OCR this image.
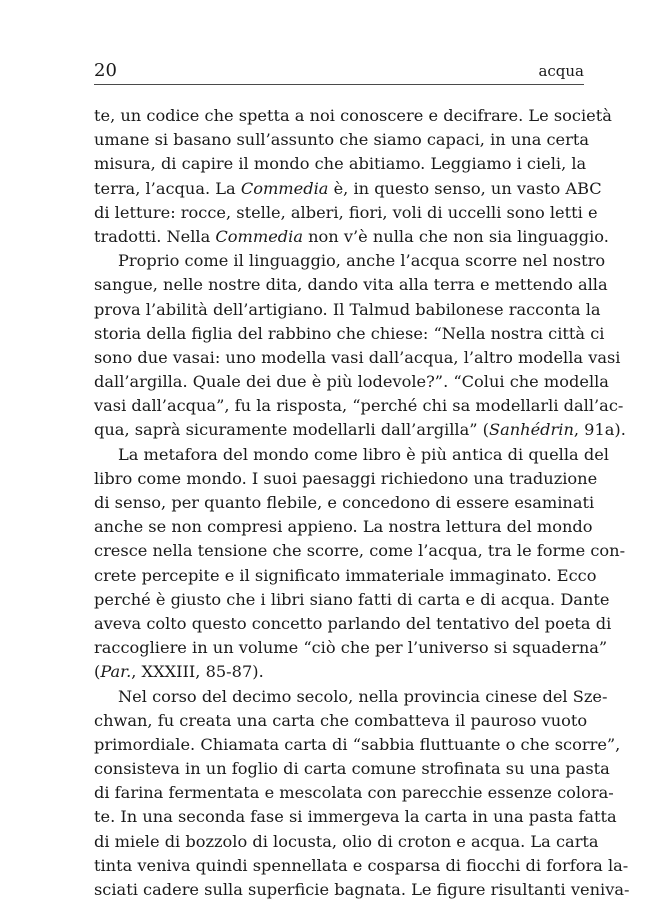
20	acqua
te, un codice che spetta a noi conoscere e decifrare. Le società
umane si basano sull’assunto che siamo capaci, in una certa
misura, di capire il mondo che abitiamo. Leggiamo i cieli, la
terra, l’acqua. La Commedia è, in questo senso, un vasto ABC
di letture: rocce, stelle, alberi, fiori, voli di uccelli sono letti e
tradotti. Nella Commedia non v’è nulla che non sia linguaggio.
Proprio come il linguaggio, anche l’acqua scorre nel nostro
sangue, nelle nostre dita, dando vita alla terra e mettendo alla
prova l’abilità dell’artigiano. Il Talmud babilonese racconta la
storia della figlia del rabbino che chiese: “Nella nostra città ci
sono due vasai: uno modella vasi dall’acqua, l’altro modella vasi
dall’argilla. Quale dei due è più lodevole?”. “Colui che modella
vasi dall’acqua”, fu la risposta, “perché chi sa modellarli dall’ac-
qua, saprà sicuramente modellarli dall’argilla” (Sanhédrin, 91a).
La metafora del mondo come libro è più antica di quella del
libro come mondo. I suoi paesaggi richiedono una traduzione
di senso, per quanto flebile, e concedono di essere esaminati
anche se non compresi appieno. La nostra lettura del mondo
cresce nella tensione che scorre, come l’acqua, tra le forme con-
crete percepite e il significato immateriale immaginato. Ecco
perché è giusto che i libri siano fatti di carta e di acqua. Dante
aveva colto questo concetto parlando del tentativo del poeta di
raccogliere in un volume “ciò che per l’universo si squaderna”
(Par., XXXIII, 85-87).
Nel corso del decimo secolo, nella provincia cinese del Sze-
chwan, fu creata una carta che combatteva il pauroso vuoto
primordiale. Chiamata carta di “sabbia fluttuante o che scorre”,
consisteva in un foglio di carta comune strofinata su una pasta
di farina fermentata e mescolata con parecchie essenze colora-
te. In una seconda fase si immergeva la carta in una pasta fatta
di miele di bozzolo di locusta, olio di croton e acqua. La carta
tinta veniva quindi spennellata e cosparsa di fiocchi di forfora la-
sciati cadere sulla superficie bagnata. Le figure risultanti veniva-
